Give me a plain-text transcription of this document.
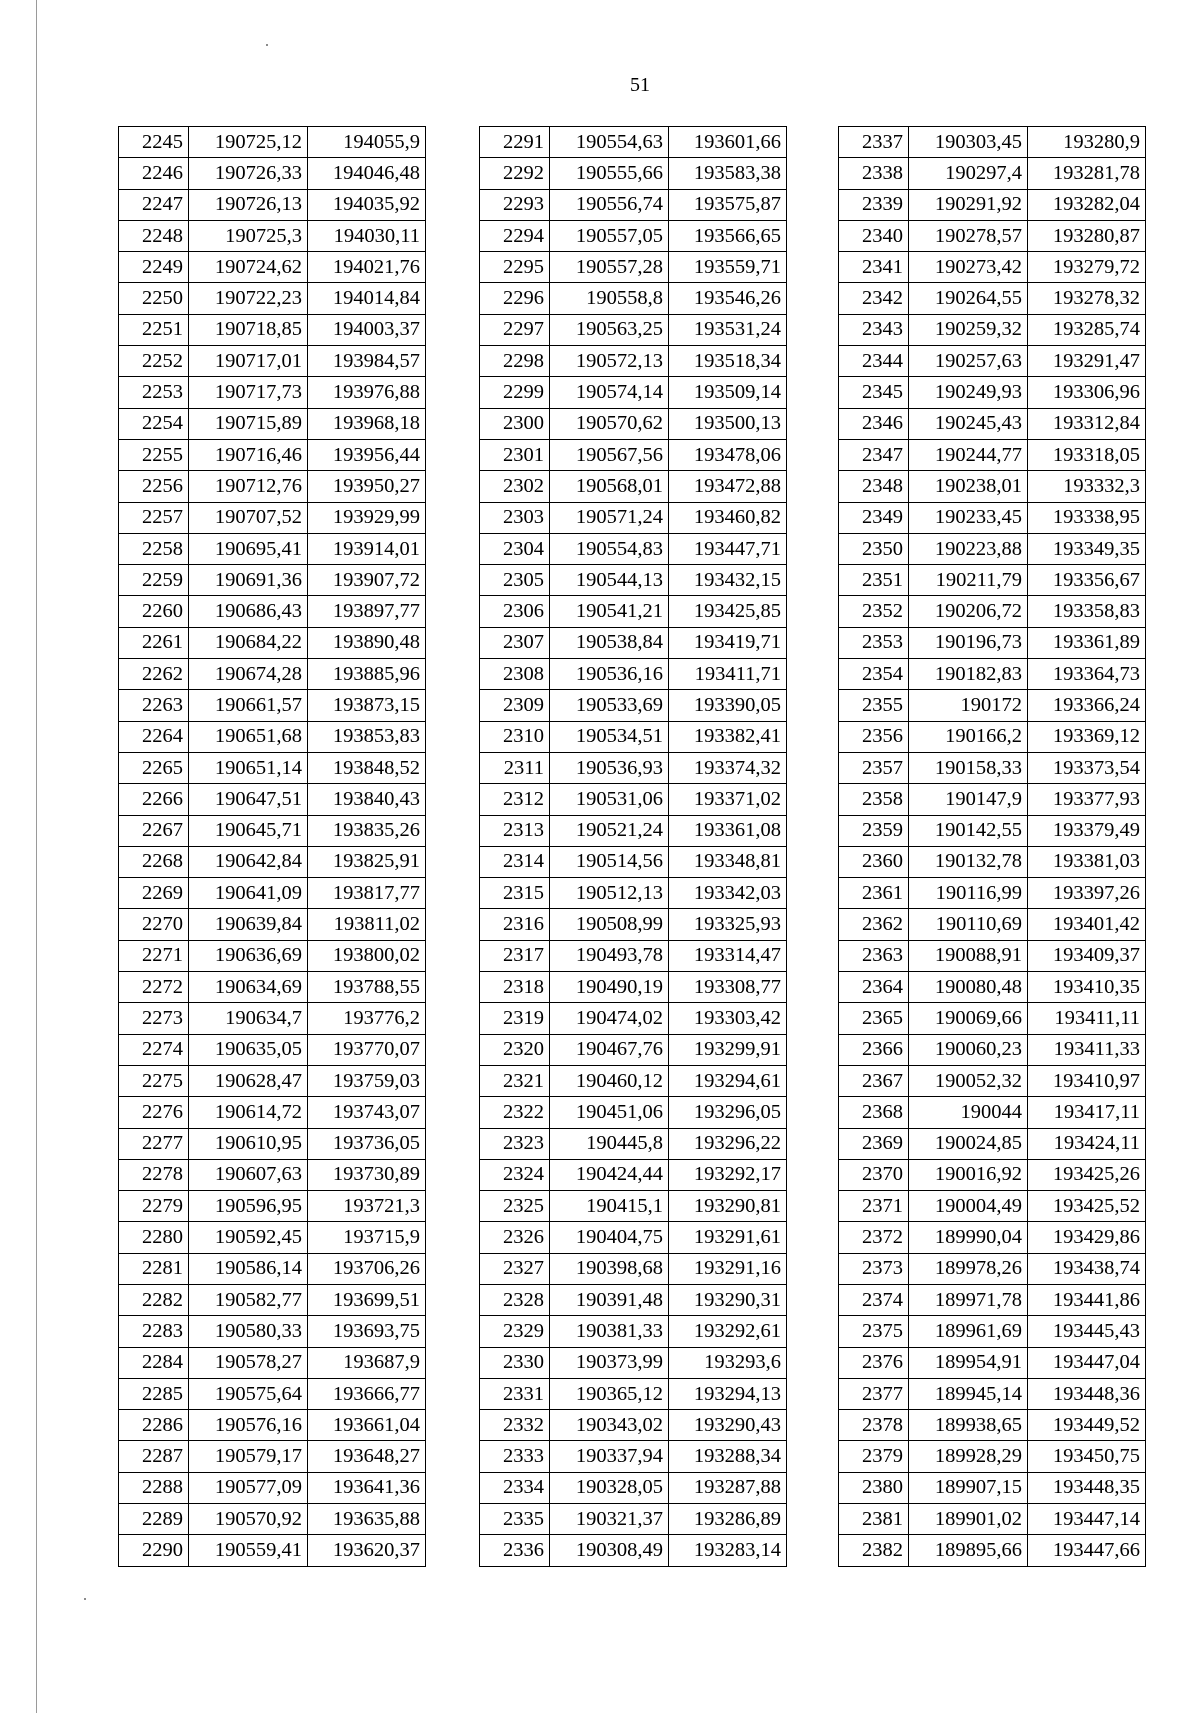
51
2245	190725,12	194055,9
2246	190726,33	194046,48
2247	190726,13	194035,92
2248	190725,3	194030,11
2249	190724,62	194021,76
2250	190722,23	194014,84
2251	190718,85	194003,37
2252	190717,01	193984,57
2253	190717,73	193976,88
2254	190715,89	193968,18
2255	190716,46	193956,44
2256	190712,76	193950,27
2257	190707,52	193929,99
2258	190695,41	193914,01
2259	190691,36	193907,72
2260	190686,43	193897,77
2261	190684,22	193890,48
2262	190674,28	193885,96
2263	190661,57	193873,15
2264	190651,68	193853,83
2265	190651,14	193848,52
2266	190647,51	193840,43
2267	190645,71	193835,26
2268	190642,84	193825,91
2269	190641,09	193817,77
2270	190639,84	193811,02
2271	190636,69	193800,02
2272	190634,69	193788,55
2273	190634,7	193776,2
2274	190635,05	193770,07
2275	190628,47	193759,03
2276	190614,72	193743,07
2277	190610,95	193736,05
2278	190607,63	193730,89
2279	190596,95	193721,3
2280	190592,45	193715,9
2281	190586,14	193706,26
2282	190582,77	193699,51
2283	190580,33	193693,75
2284	190578,27	193687,9
2285	190575,64	193666,77
2286	190576,16	193661,04
2287	190579,17	193648,27
2288	190577,09	193641,36
2289	190570,92	193635,88
2290	190559,41	193620,37
2291	190554,63	193601,66
2292	190555,66	193583,38
2293	190556,74	193575,87
2294	190557,05	193566,65
2295	190557,28	193559,71
2296	190558,8	193546,26
2297	190563,25	193531,24
2298	190572,13	193518,34
2299	190574,14	193509,14
2300	190570,62	193500,13
2301	190567,56	193478,06
2302	190568,01	193472,88
2303	190571,24	193460,82
2304	190554,83	193447,71
2305	190544,13	193432,15
2306	190541,21	193425,85
2307	190538,84	193419,71
2308	190536,16	193411,71
2309	190533,69	193390,05
2310	190534,51	193382,41
2311	190536,93	193374,32
2312	190531,06	193371,02
2313	190521,24	193361,08
2314	190514,56	193348,81
2315	190512,13	193342,03
2316	190508,99	193325,93
2317	190493,78	193314,47
2318	190490,19	193308,77
2319	190474,02	193303,42
2320	190467,76	193299,91
2321	190460,12	193294,61
2322	190451,06	193296,05
2323	190445,8	193296,22
2324	190424,44	193292,17
2325	190415,1	193290,81
2326	190404,75	193291,61
2327	190398,68	193291,16
2328	190391,48	193290,31
2329	190381,33	193292,61
2330	190373,99	193293,6
2331	190365,12	193294,13
2332	190343,02	193290,43
2333	190337,94	193288,34
2334	190328,05	193287,88
2335	190321,37	193286,89
2336	190308,49	193283,14
2337	190303,45	193280,9
2338	190297,4	193281,78
2339	190291,92	193282,04
2340	190278,57	193280,87
2341	190273,42	193279,72
2342	190264,55	193278,32
2343	190259,32	193285,74
2344	190257,63	193291,47
2345	190249,93	193306,96
2346	190245,43	193312,84
2347	190244,77	193318,05
2348	190238,01	193332,3
2349	190233,45	193338,95
2350	190223,88	193349,35
2351	190211,79	193356,67
2352	190206,72	193358,83
2353	190196,73	193361,89
2354	190182,83	193364,73
2355	190172	193366,24
2356	190166,2	193369,12
2357	190158,33	193373,54
2358	190147,9	193377,93
2359	190142,55	193379,49
2360	190132,78	193381,03
2361	190116,99	193397,26
2362	190110,69	193401,42
2363	190088,91	193409,37
2364	190080,48	193410,35
2365	190069,66	193411,11
2366	190060,23	193411,33
2367	190052,32	193410,97
2368	190044	193417,11
2369	190024,85	193424,11
2370	190016,92	193425,26
2371	190004,49	193425,52
2372	189990,04	193429,86
2373	189978,26	193438,74
2374	189971,78	193441,86
2375	189961,69	193445,43
2376	189954,91	193447,04
2377	189945,14	193448,36
2378	189938,65	193449,52
2379	189928,29	193450,75
2380	189907,15	193448,35
2381	189901,02	193447,14
2382	189895,66	193447,66
